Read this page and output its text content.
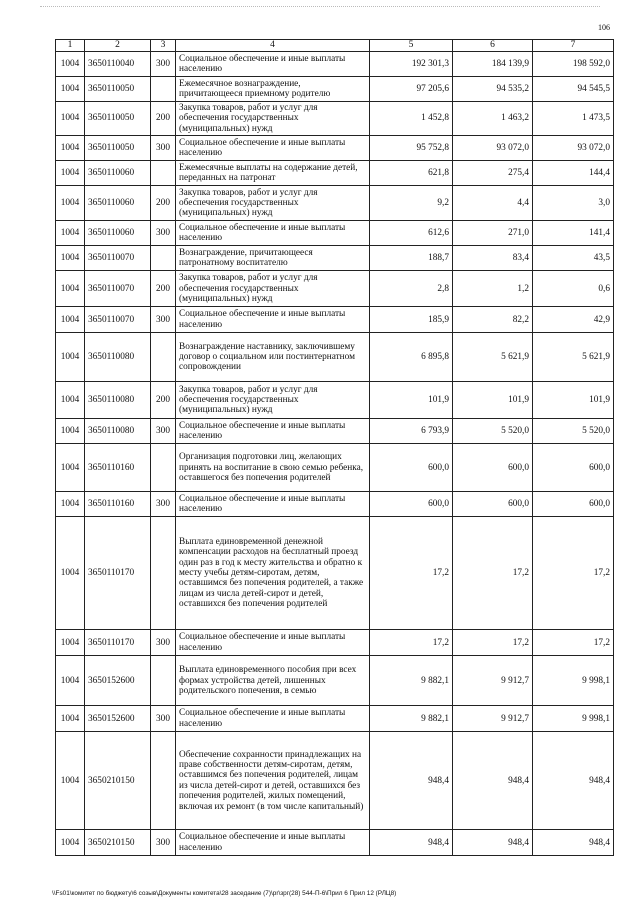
106
1	2	3	4	5	6	7
1004	3650110040	300	Социальное обеспечение и иные выплаты населению	192 301,3	184 139,9	198 592,0
1004	3650110050		Ежемесячное вознаграждение, причитающееся приемному родителю	97 205,6	94 535,2	94 545,5
1004	3650110050	200	Закупка товаров, работ и услуг для обеспечения государственных (муниципальных) нужд	1 452,8	1 463,2	1 473,5
1004	3650110050	300	Социальное обеспечение и иные выплаты населению	95 752,8	93 072,0	93 072,0
1004	3650110060		Ежемесячные выплаты на содержание детей, переданных на патронат	621,8	275,4	144,4
1004	3650110060	200	Закупка товаров, работ и услуг для обеспечения государственных (муниципальных) нужд	9,2	4,4	3,0
1004	3650110060	300	Социальное обеспечение и иные выплаты населению	612,6	271,0	141,4
1004	3650110070		Вознаграждение, причитающееся патронатному воспитателю	188,7	83,4	43,5
1004	3650110070	200	Закупка товаров, работ и услуг для обеспечения государственных (муниципальных) нужд	2,8	1,2	0,6
1004	3650110070	300	Социальное обеспечение и иные выплаты населению	185,9	82,2	42,9
1004	3650110080		Вознаграждение наставнику, заключившему договор о социальном или постинтернатном сопровождении	6 895,8	5 621,9	5 621,9
1004	3650110080	200	Закупка товаров, работ и услуг для обеспечения государственных (муниципальных) нужд	101,9	101,9	101,9
1004	3650110080	300	Социальное обеспечение и иные выплаты населению	6 793,9	5 520,0	5 520,0
1004	3650110160		Организация подготовки лиц, желающих принять на воспитание в свою семью ребенка, оставшегося без попечения родителей	600,0	600,0	600,0
1004	3650110160	300	Социальное обеспечение и иные выплаты населению	600,0	600,0	600,0
1004	3650110170		Выплата единовременной денежной компенсации расходов на бесплатный проезд один раз в год к месту жительства и обратно к месту учебы детям-сиротам, детям, оставшимся без попечения родителей, а также лицам из числа детей-сирот и детей, оставшихся без попечения родителей	17,2	17,2	17,2
1004	3650110170	300	Социальное обеспечение и иные выплаты населению	17,2	17,2	17,2
1004	3650152600		Выплата единовременного пособия при всех формах устройства детей, лишенных родительского попечения, в семью	9 882,1	9 912,7	9 998,1
1004	3650152600	300	Социальное обеспечение и иные выплаты населению	9 882,1	9 912,7	9 998,1
1004	3650210150		Обеспечение сохранности принадлежащих на праве собственности детям-сиротам, детям, оставшимся без попечения родителей, лицам из числа детей-сирот и детей, оставшихся без попечения родителей, жилых помещений, включая их ремонт (в том числе капитальный)	948,4	948,4	948,4
1004	3650210150	300	Социальное обеспечение и иные выплаты населению	948,4	948,4	948,4
\\Fs01\комитет по бюджету\6 созыв\Документы комитета\28 заседание (7)\pr\зрг(28) 544-П-6\Прил 6 Прил 12 (РЛЦ8)
